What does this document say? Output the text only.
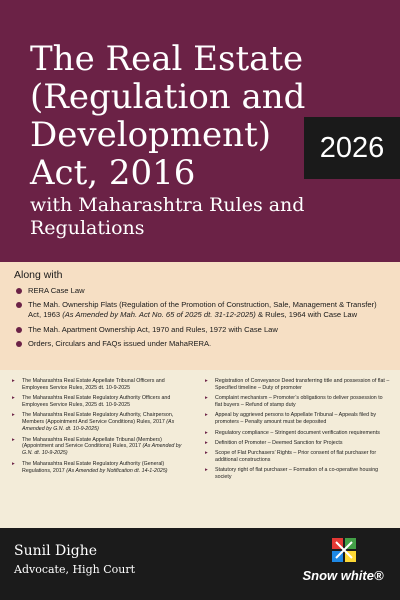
The Real Estate (Regulation and Development) Act, 2016
with Maharashtra Rules and Regulations
2026
Along with
RERA Case Law
The Mah. Ownership Flats (Regulation of the Promotion of Construction, Sale, Management & Transfer) Act, 1963 (As Amended by Mah. Act No. 65 of 2025 dt. 31-12-2025) & Rules, 1964 with Case Law
The Mah. Apartment Ownership Act, 1970 and Rules, 1972 with Case Law
Orders, Circulars and FAQs issued under MahaRERA.
▸ The Maharashtra Real Estate Appellate Tribunal Officers and Employees Service Rules, 2025 dt. 10-9-2025
▸ The Maharashtra Real Estate Regulatory Authority Officers and Employees Service Rules, 2025 dt. 10-9-2025
▸ The Maharashtra Real Estate Regulatory Authority, Chairperson, Members (Appointment And Service Conditions) Rules, 2017 (As Amended by G.N. dt. 10-9-2025)
▸ The Maharashtra Real Estate Appellate Tribunal (Members) (Appointment and Service Conditions) Rules, 2017 (As Amended by G.N. dt. 10-9-2025)
▸ The Maharashtra Real Estate Regulatory Authority (General) Regulations, 2017 (As Amended by Notification dt. 14-1-2025)
▸ Registration of Conveyance Deed transferring title and possession of flat – Specified timeline – Duty of promoter
▸ Complaint mechanism – Promoter’s obligations to deliver possession to flat buyers – Refund of stamp duty
▸ Appeal by aggrieved persons to Appellate Tribunal – Appeals filed by promoters – Penalty amount must be deposited
▸ Regulatory compliance – Stringent document verification requirements
▸ Definition of Promoter – Deemed Sanction for Projects
▸ Scope of Flat Purchasers’ Rights – Prior consent of flat purchaser for additional constructions
▸ Statutory right of flat purchaser – Formation of a co-operative housing society
Sunil Dighe
Advocate, High Court	Snow white®
